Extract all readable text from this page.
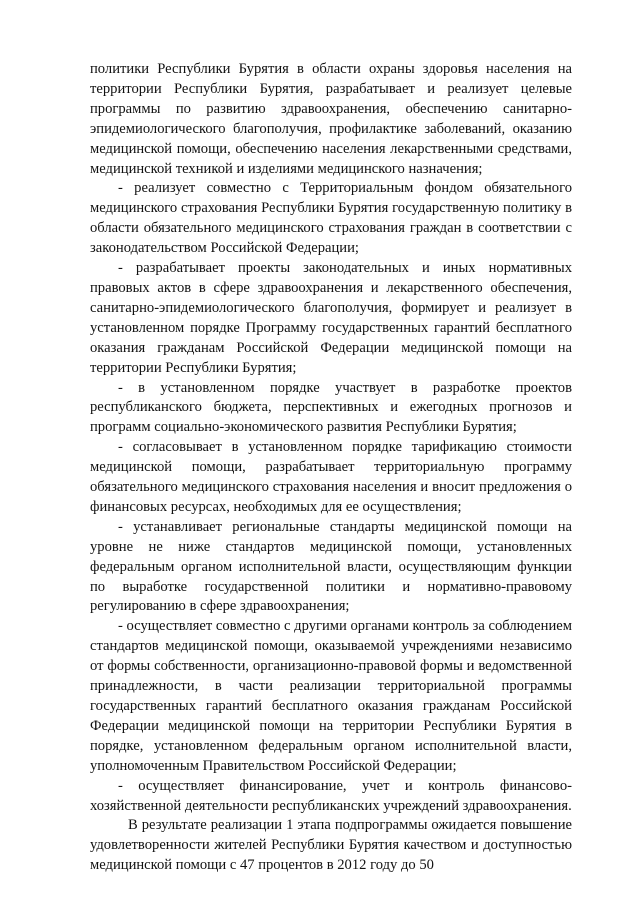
политики Республики Бурятия в области охраны здоровья населения на территории Республики Бурятия, разрабатывает и реализует целевые программы по развитию здравоохранения, обеспечению санитарно-эпидемиологического благополучия, профилактике заболеваний, оказанию медицинской помощи, обеспечению населения лекарственными средствами, медицинской техникой и изделиями медицинского назначения;

- реализует совместно с Территориальным фондом обязательного медицинского страхования Республики Бурятия государственную политику в области обязательного медицинского страхования граждан в соответствии с законодательством Российской Федерации;

- разрабатывает проекты законодательных и иных нормативных правовых актов в сфере здравоохранения и лекарственного обеспечения, санитарно-эпидемиологического благополучия, формирует и реализует в установленном порядке Программу государственных гарантий бесплатного оказания гражданам Российской Федерации медицинской помощи на территории Республики Бурятия;

- в установленном порядке участвует в разработке проектов республиканского бюджета, перспективных и ежегодных прогнозов и программ социально-экономического развития Республики Бурятия;

- согласовывает в установленном порядке тарификацию стоимости медицинской помощи, разрабатывает территориальную программу обязательного медицинского страхования населения и вносит предложения о финансовых ресурсах, необходимых для ее осуществления;

- устанавливает региональные стандарты медицинской помощи на уровне не ниже стандартов медицинской помощи, установленных федеральным органом исполнительной власти, осуществляющим функции по выработке государственной политики и нормативно-правовому регулированию в сфере здравоохранения;

- осуществляет совместно с другими органами контроль за соблюдением стандартов медицинской помощи, оказываемой учреждениями независимо от формы собственности, организационно-правовой формы и ведомственной принадлежности, в части реализации территориальной программы государственных гарантий бесплатного оказания гражданам Российской Федерации медицинской помощи на территории Республики Бурятия в порядке, установленном федеральным органом исполнительной власти, уполномоченным Правительством Российской Федерации;

- осуществляет финансирование, учет и контроль финансово-хозяйственной деятельности республиканских учреждений здравоохранения.

В результате реализации 1 этапа подпрограммы ожидается повышение удовлетворенности жителей Республики Бурятия качеством и доступностью медицинской помощи с 47 процентов в 2012 году до 50
